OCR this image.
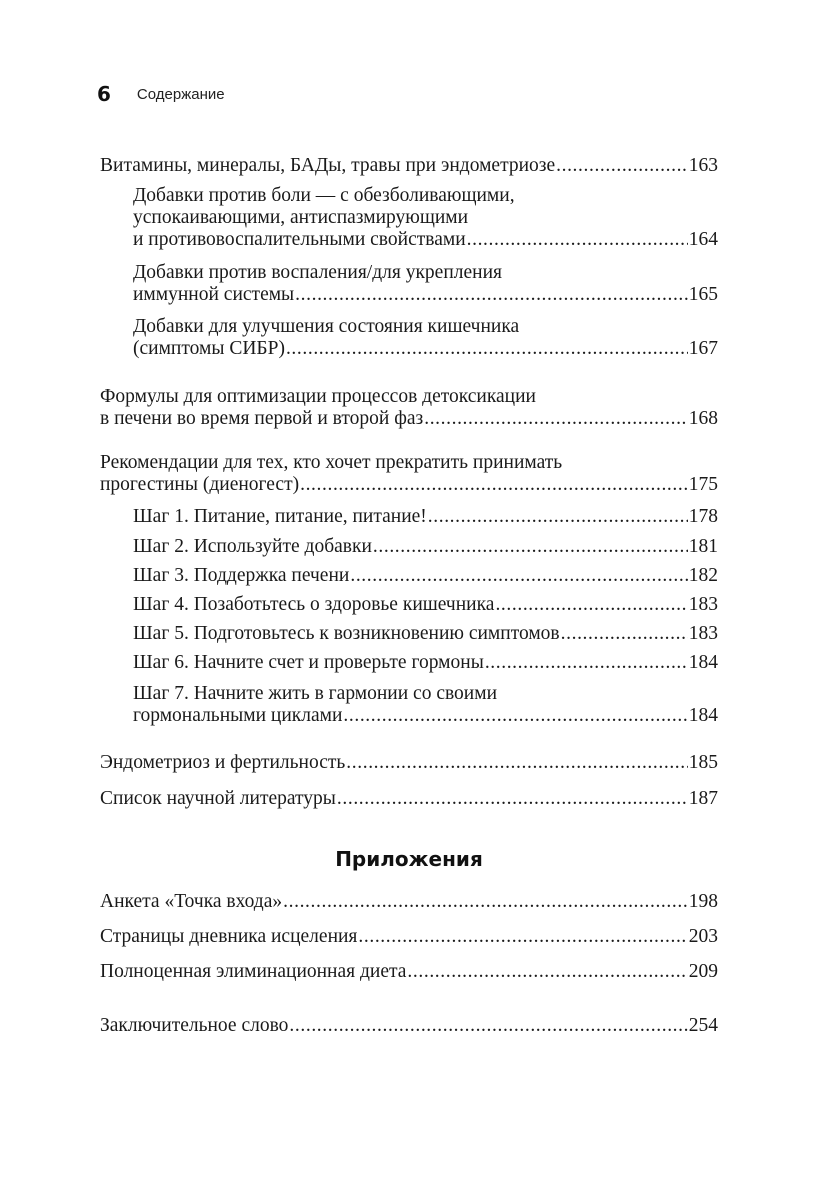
6 Содержание
Витамины, минералы, БАДы, травы при эндометриозе .....	163
Добавки против боли — с обезболивающими,
успокаивающими, антиспазмирующими
и противовоспалительными свойствами .....	164
Добавки против воспаления/для укрепления
иммунной системы .....	165
Добавки для улучшения состояния кишечника
(симптомы СИБР) .....	167
Формулы для оптимизации процессов детоксикации
в печени во время первой и второй фаз .....	168
Рекомендации для тех, кто хочет прекратить принимать
прогестины (диеногест) .....	175
Шаг 1. Питание, питание, питание! .....	178
Шаг 2. Используйте добавки .....	181
Шаг 3. Поддержка печени .....	182
Шаг 4. Позаботьтесь о здоровье кишечника .....	183
Шаг 5. Подготовьтесь к возникновению симптомов .....	183
Шаг 6. Начните счет и проверьте гормоны .....	184
Шаг 7. Начните жить в гармонии со своими
гормональными циклами .....	184
Эндометриоз и фертильность .....	185
Список научной литературы .....	187
Анкета «Точка входа» .....	198
Страницы дневника исцеления .....	203
Полноценная элиминационная диета .....	209
Заключительное слово .....	254
Приложения
